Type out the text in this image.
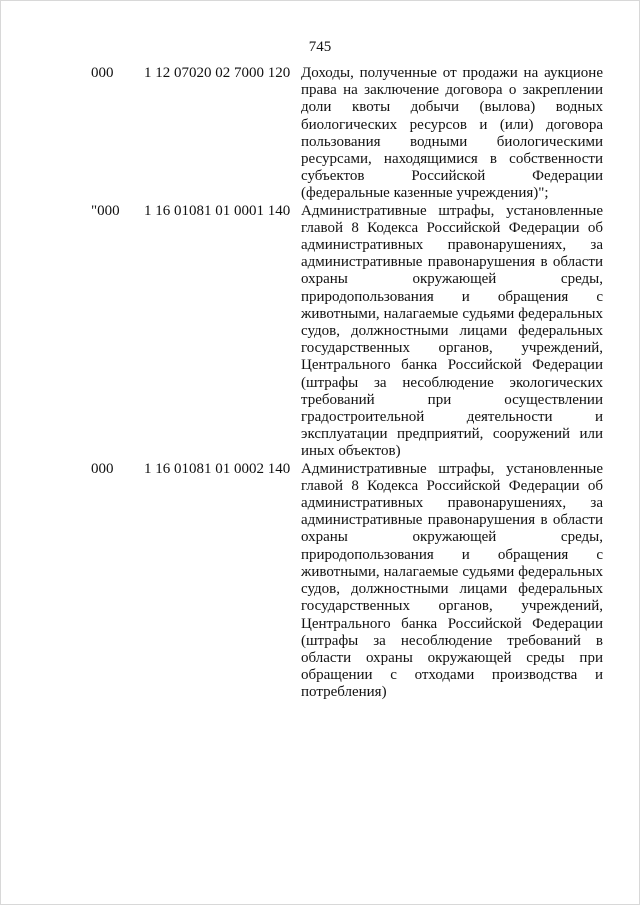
745
000 1 12 07020 02 7000 120 Доходы, полученные от продажи на аукционе права на заключение договора о закреплении доли квоты добычи (вылова) водных биологических ресурсов и (или) договора пользования водными биологическими ресурсами, находящимися в собственности субъектов Российской Федерации (федеральные казенные учреждения)";
"000 1 16 01081 01 0001 140 Административные штрафы, установленные главой 8 Кодекса Российской Федерации об административных правонарушениях, за административные правонарушения в области охраны окружающей среды, природопользования и обращения с животными, налагаемые судьями федеральных судов, должностными лицами федеральных государственных органов, учреждений, Центрального банка Российской Федерации (штрафы за несоблюдение экологических требований при осуществлении градостроительной деятельности и эксплуатации предприятий, сооружений или иных объектов)
000 1 16 01081 01 0002 140 Административные штрафы, установленные главой 8 Кодекса Российской Федерации об административных правонарушениях, за административные правонарушения в области охраны окружающей среды, природопользования и обращения с животными, налагаемые судьями федеральных судов, должностными лицами федеральных государственных органов, учреждений, Центрального банка Российской Федерации (штрафы за несоблюдение требований в области охраны окружающей среды при обращении с отходами производства и потребления)
